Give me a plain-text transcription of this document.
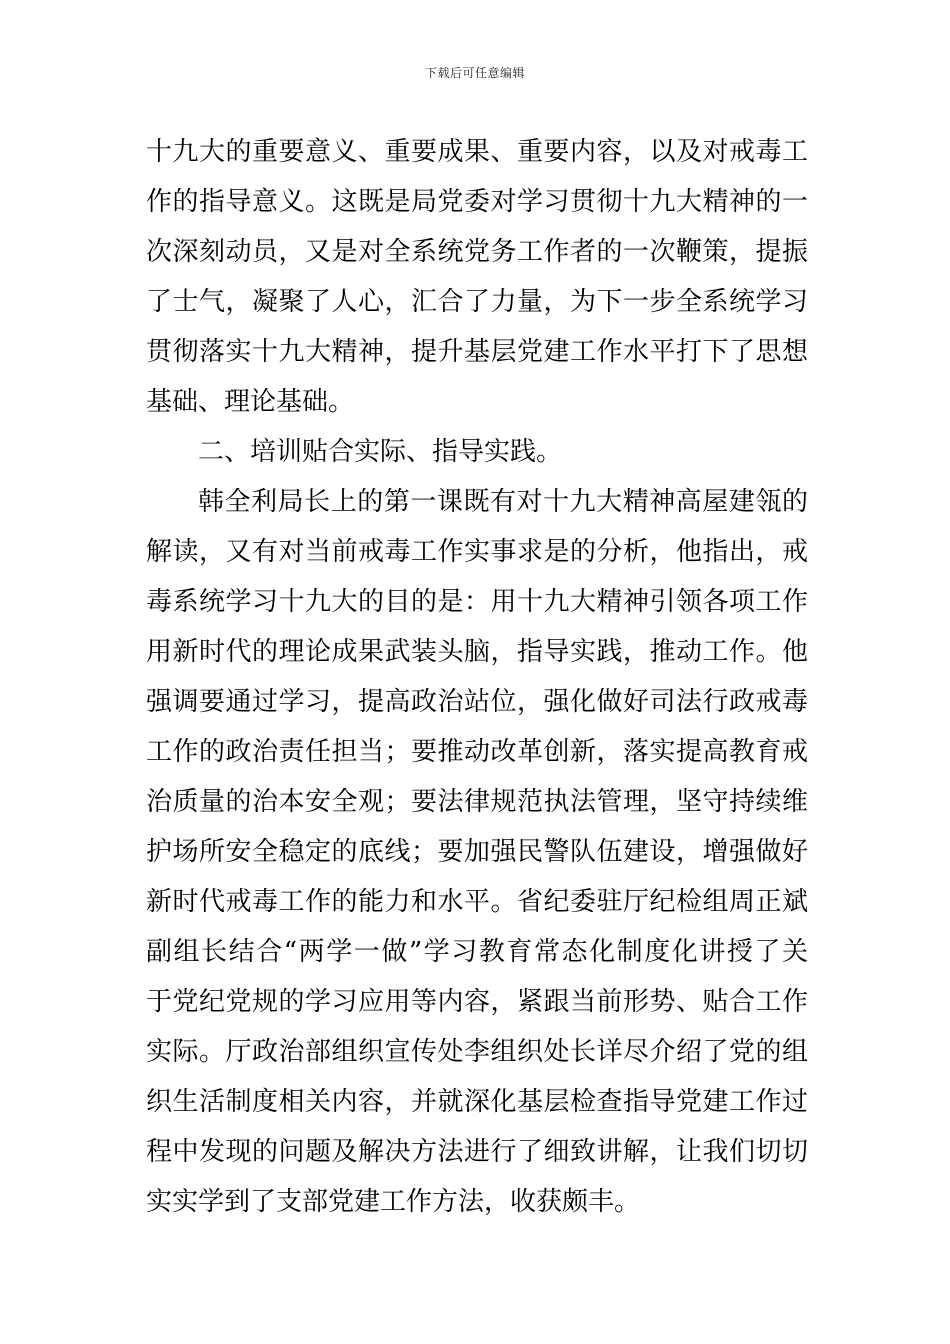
下载后可任意编辑
十九大的重要意义、重要成果、重要内容，以及对戒毒工
作的指导意义。这既是局党委对学习贯彻十九大精神的一
次深刻动员，又是对全系统党务工作者的一次鞭策，提振
了士气，凝聚了人心，汇合了力量，为下一步全系统学习
贯彻落实十九大精神，提升基层党建工作水平打下了思想
基础、理论基础。
二、培训贴合实际、指导实践。
韩全利局长上的第一课既有对十九大精神高屋建瓴的
解读，又有对当前戒毒工作实事求是的分析，他指出，戒
毒系统学习十九大的目的是：用十九大精神引领各项工作
用新时代的理论成果武装头脑，指导实践，推动工作。他
强调要通过学习，提高政治站位，强化做好司法行政戒毒
工作的政治责任担当；要推动改革创新，落实提高教育戒
治质量的治本安全观；要法律规范执法管理，坚守持续维
护场所安全稳定的底线；要加强民警队伍建设，增强做好
新时代戒毒工作的能力和水平。省纪委驻厅纪检组周正斌
副组长结合“两学一做”学习教育常态化制度化讲授了关
于党纪党规的学习应用等内容，紧跟当前形势、贴合工作
实际。厅政治部组织宣传处李组织处长详尽介绍了党的组
织生活制度相关内容，并就深化基层检查指导党建工作过
程中发现的问题及解决方法进行了细致讲解，让我们切切
实实学到了支部党建工作方法，收获颇丰。
